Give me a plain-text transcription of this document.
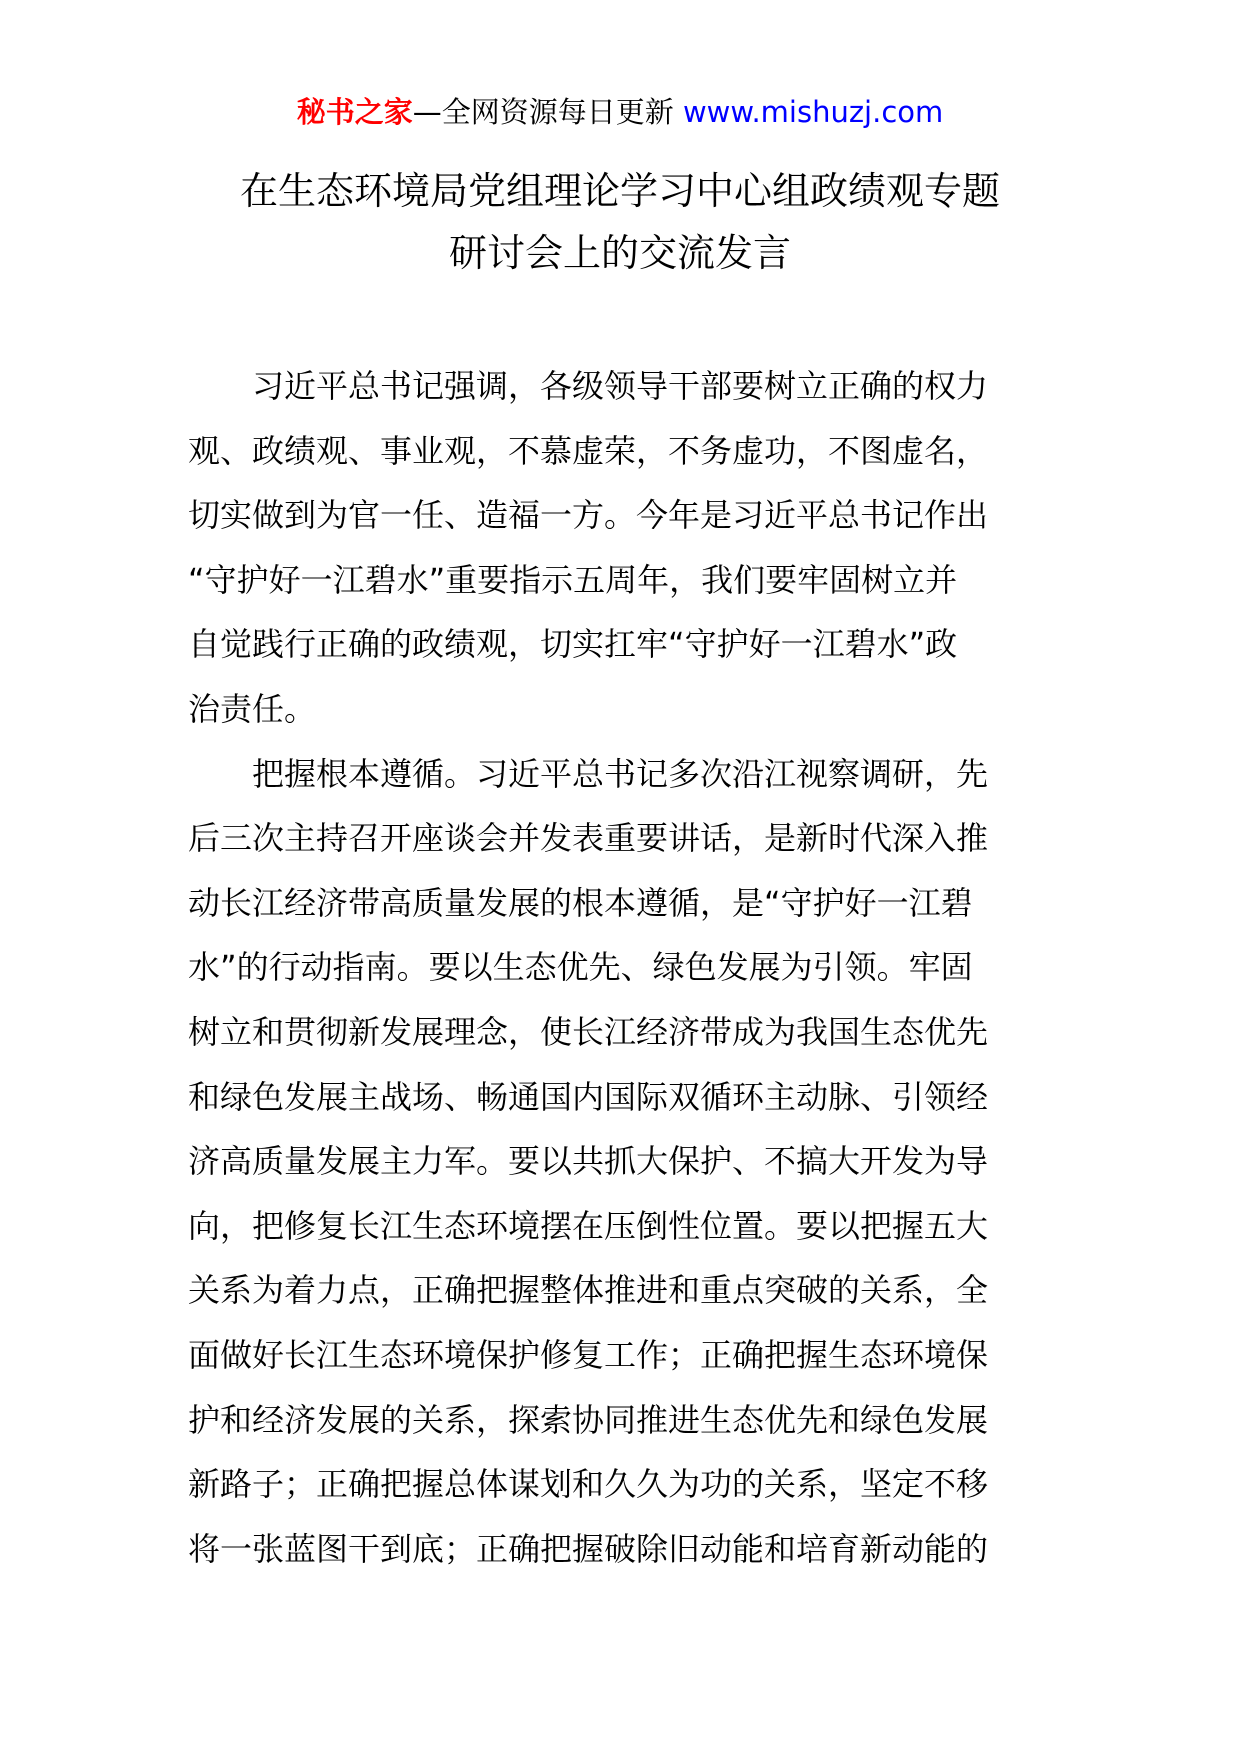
秘书之家—全网资源每日更新 www.mishuzj.com
在生态环境局党组理论学习中心组政绩观专题
研讨会上的交流发言
　　习近平总书记强调，各级领导干部要树立正确的权力
观、政绩观、事业观，不慕虚荣，不务虚功，不图虚名，
切实做到为官一任、造福一方。今年是习近平总书记作出
“守护好一江碧水”重要指示五周年，我们要牢固树立并
自觉践行正确的政绩观，切实扛牢“守护好一江碧水”政
治责任。
　　把握根本遵循。习近平总书记多次沿江视察调研，先
后三次主持召开座谈会并发表重要讲话，是新时代深入推
动长江经济带高质量发展的根本遵循，是“守护好一江碧
水”的行动指南。要以生态优先、绿色发展为引领。牢固
树立和贯彻新发展理念，使长江经济带成为我国生态优先
和绿色发展主战场、畅通国内国际双循环主动脉、引领经
济高质量发展主力军。要以共抓大保护、不搞大开发为导
向，把修复长江生态环境摆在压倒性位置。要以把握五大
关系为着力点，正确把握整体推进和重点突破的关系，全
面做好长江生态环境保护修复工作；正确把握生态环境保
护和经济发展的关系，探索协同推进生态优先和绿色发展
新路子；正确把握总体谋划和久久为功的关系，坚定不移
将一张蓝图干到底；正确把握破除旧动能和培育新动能的
